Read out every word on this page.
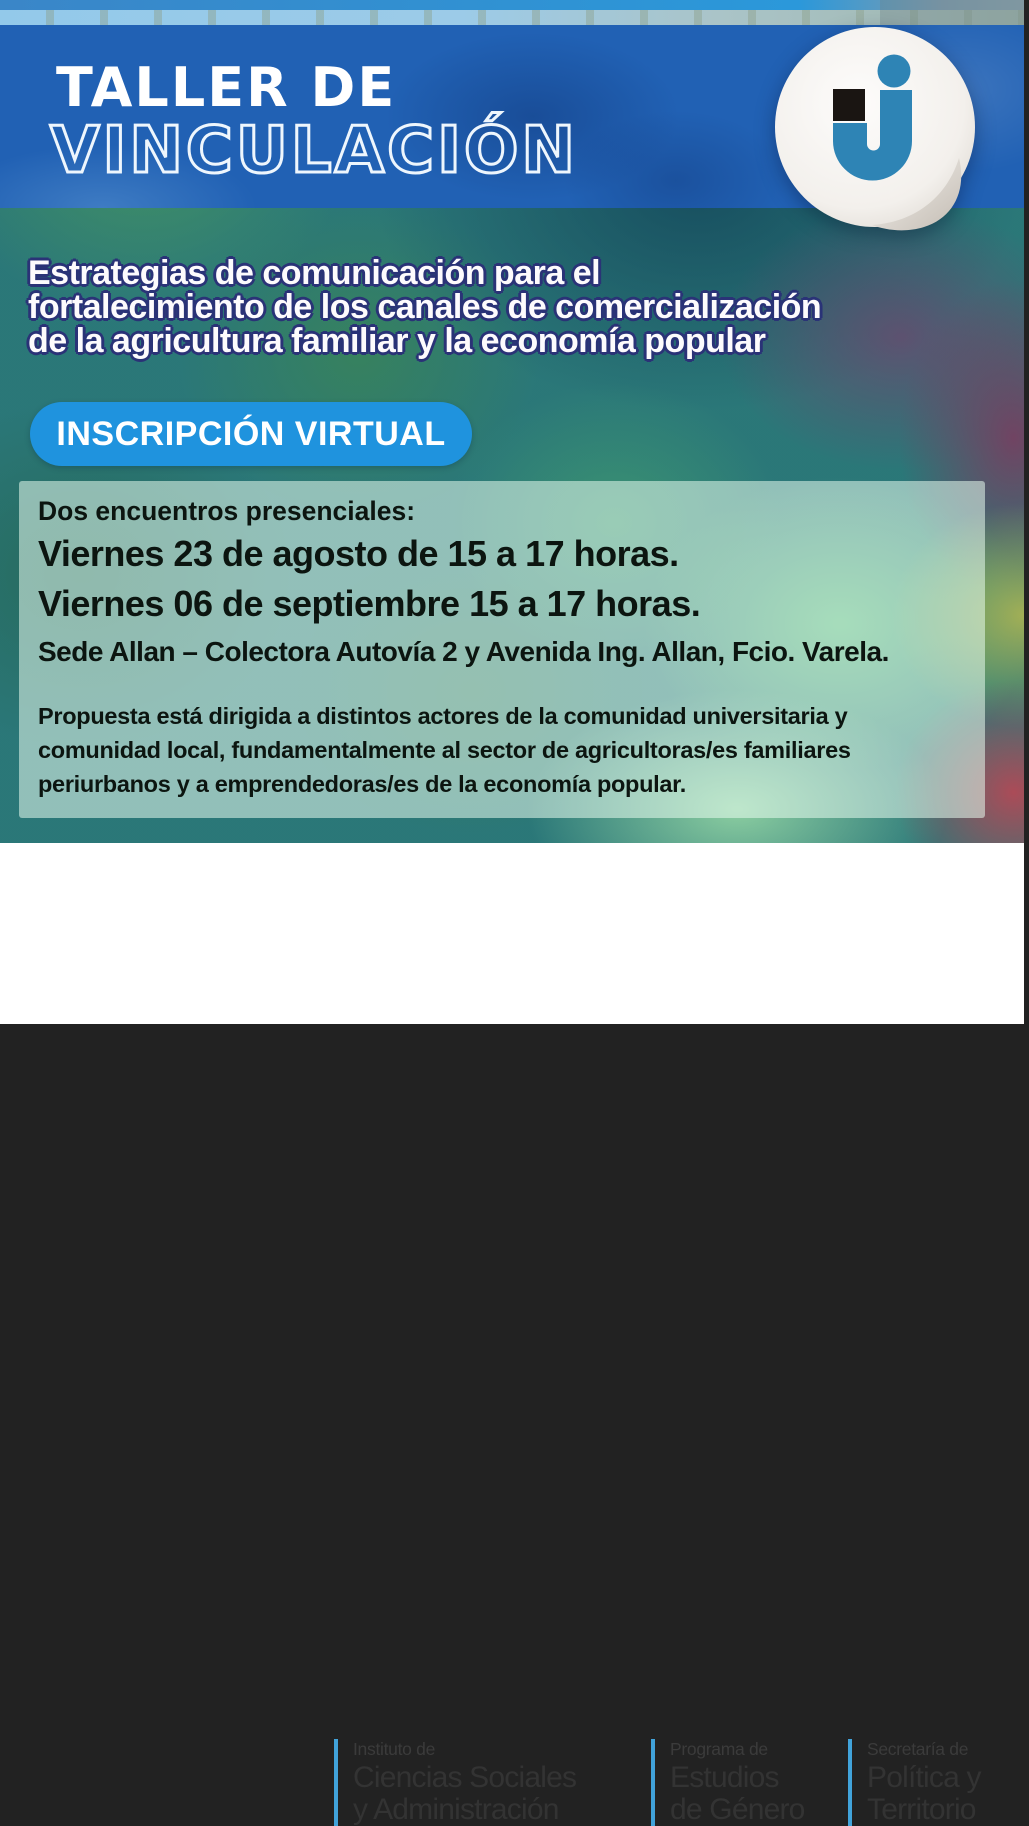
TALLER DE
VINCULACIÓN
Estrategias de comunicación para el
fortalecimiento de los canales de comercialización
de la agricultura familiar y la economía popular
INSCRIPCIÓN VIRTUAL
Dos encuentros presenciales:
Viernes 23 de agosto de 15 a 17 horas.
Viernes 06 de septiembre 15 a 17 horas.
Sede Allan – Colectora Autovía 2 y Avenida Ing. Allan, Fcio. Varela.
Propuesta está dirigida a distintos actores de la comunidad universitaria y
comunidad local, fundamentalmente al sector de agricultoras/es familiares
periurbanos y a emprendedoras/es de la economía popular.
Instituto de
Ciencias Sociales
y Administración
Programa de
Estudios
de Género
Secretaría de
Política y
Territorio
